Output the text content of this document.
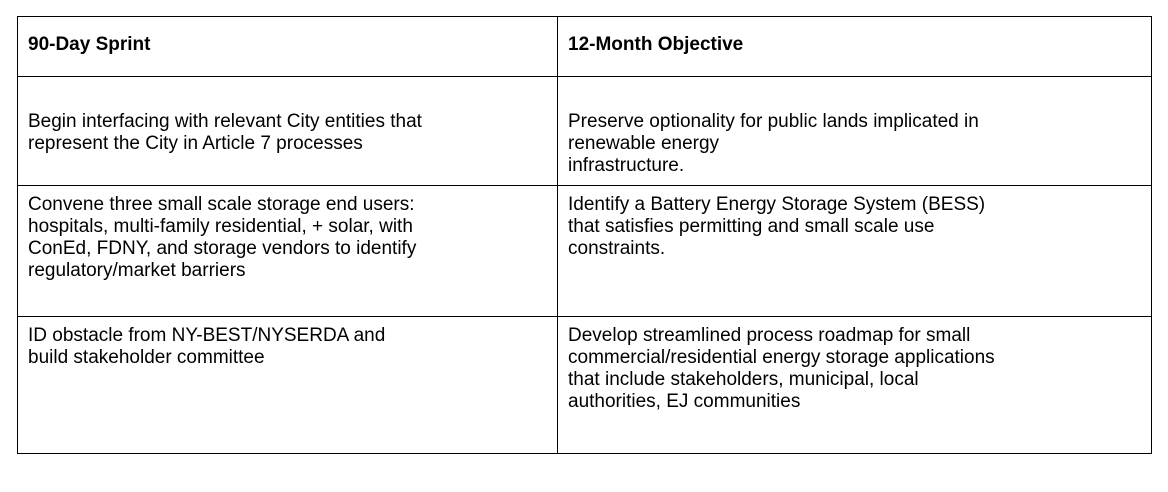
90-Day Sprint	12-Month Objective

Begin interfacing with relevant City entities that
represent the City in Article 7 processes	Preserve optionality for public lands implicated in
renewable energy
infrastructure.

Convene three small scale storage end users:
hospitals, multi-family residential, + solar, with
ConEd, FDNY, and storage vendors to identify
regulatory/market barriers	Identify a Battery Energy Storage System (BESS)
that satisfies permitting and small scale use
constraints.

ID obstacle from NY-BEST/NYSERDA and
build stakeholder committee	Develop streamlined process roadmap for small
commercial/residential energy storage applications
that include stakeholders, municipal, local
authorities, EJ communities
